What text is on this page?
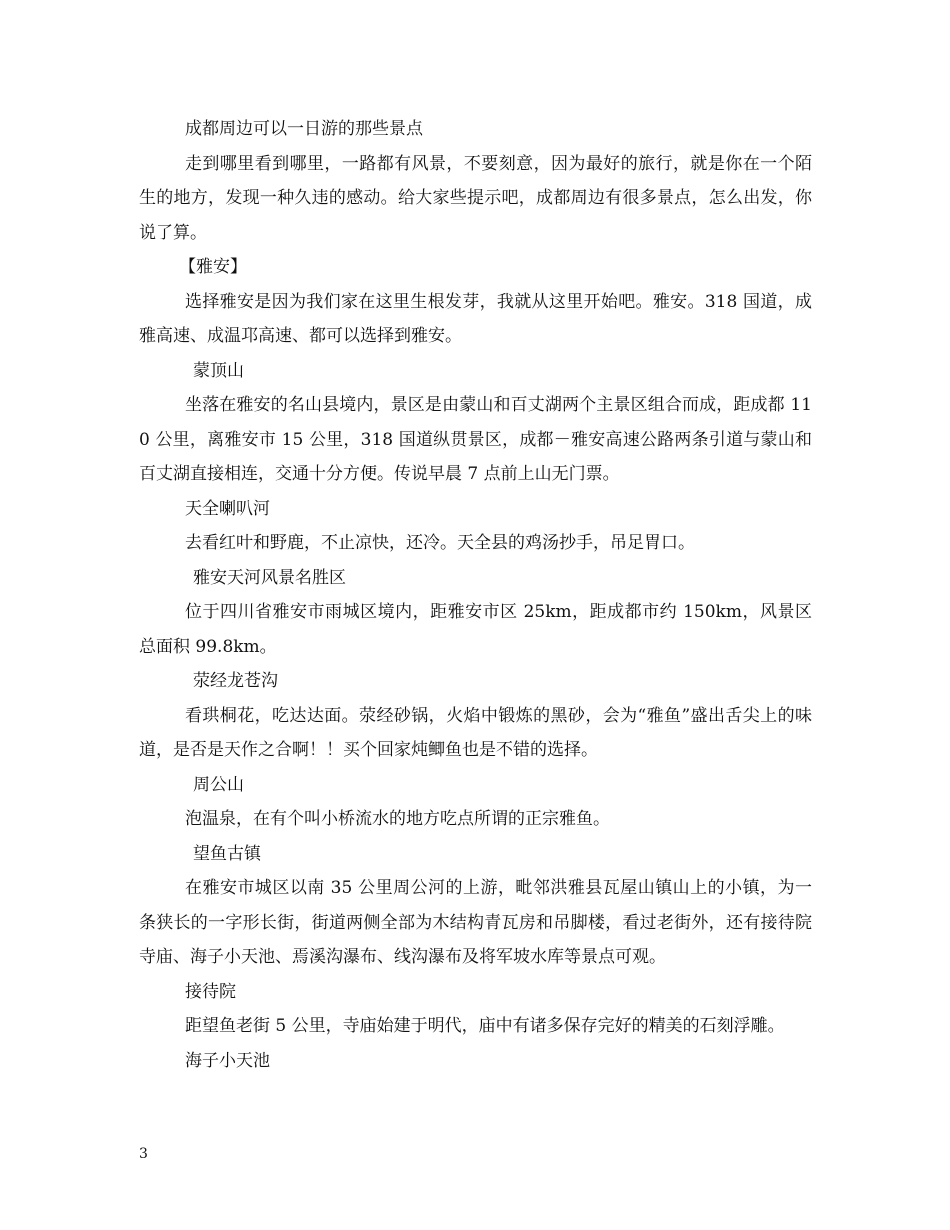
成都周边可以一日游的那些景点

走到哪里看到哪里，一路都有风景，不要刻意，因为最好的旅行，就是你在一个陌生的地方，发现一种久违的感动。给大家些提示吧，成都周边有很多景点，怎么出发，你说了算。

【雅安】

选择雅安是因为我们家在这里生根发芽，我就从这里开始吧。雅安。318 国道，成雅高速、成温邛高速、都可以选择到雅安。

蒙顶山

坐落在雅安的名山县境内，景区是由蒙山和百丈湖两个主景区组合而成，距成都 110 公里，离雅安市 15 公里，318 国道纵贯景区，成都－雅安高速公路两条引道与蒙山和百丈湖直接相连，交通十分方便。传说早晨 7 点前上山无门票。

天全喇叭河

去看红叶和野鹿，不止凉快，还冷。天全县的鸡汤抄手，吊足胃口。

雅安天河风景名胜区

位于四川省雅安市雨城区境内，距雅安市区 25km，距成都市约 150km，风景区总面积 99.8km。

荥经龙苍沟

看珙桐花，吃达达面。荥经砂锅，火焰中锻炼的黑砂，会为“雅鱼”盛出舌尖上的味道，是否是天作之合啊！！买个回家炖鲫鱼也是不错的选择。

周公山

泡温泉，在有个叫小桥流水的地方吃点所谓的正宗雅鱼。

望鱼古镇

在雅安市城区以南 35 公里周公河的上游，毗邻洪雅县瓦屋山镇山上的小镇，为一条狭长的一字形长街，街道两侧全部为木结构青瓦房和吊脚楼，看过老街外，还有接待院寺庙、海子小天池、焉溪沟瀑布、线沟瀑布及将军坡水库等景点可观。

接待院

距望鱼老街 5 公里，寺庙始建于明代，庙中有诸多保存完好的精美的石刻浮雕。

海子小天池

3
